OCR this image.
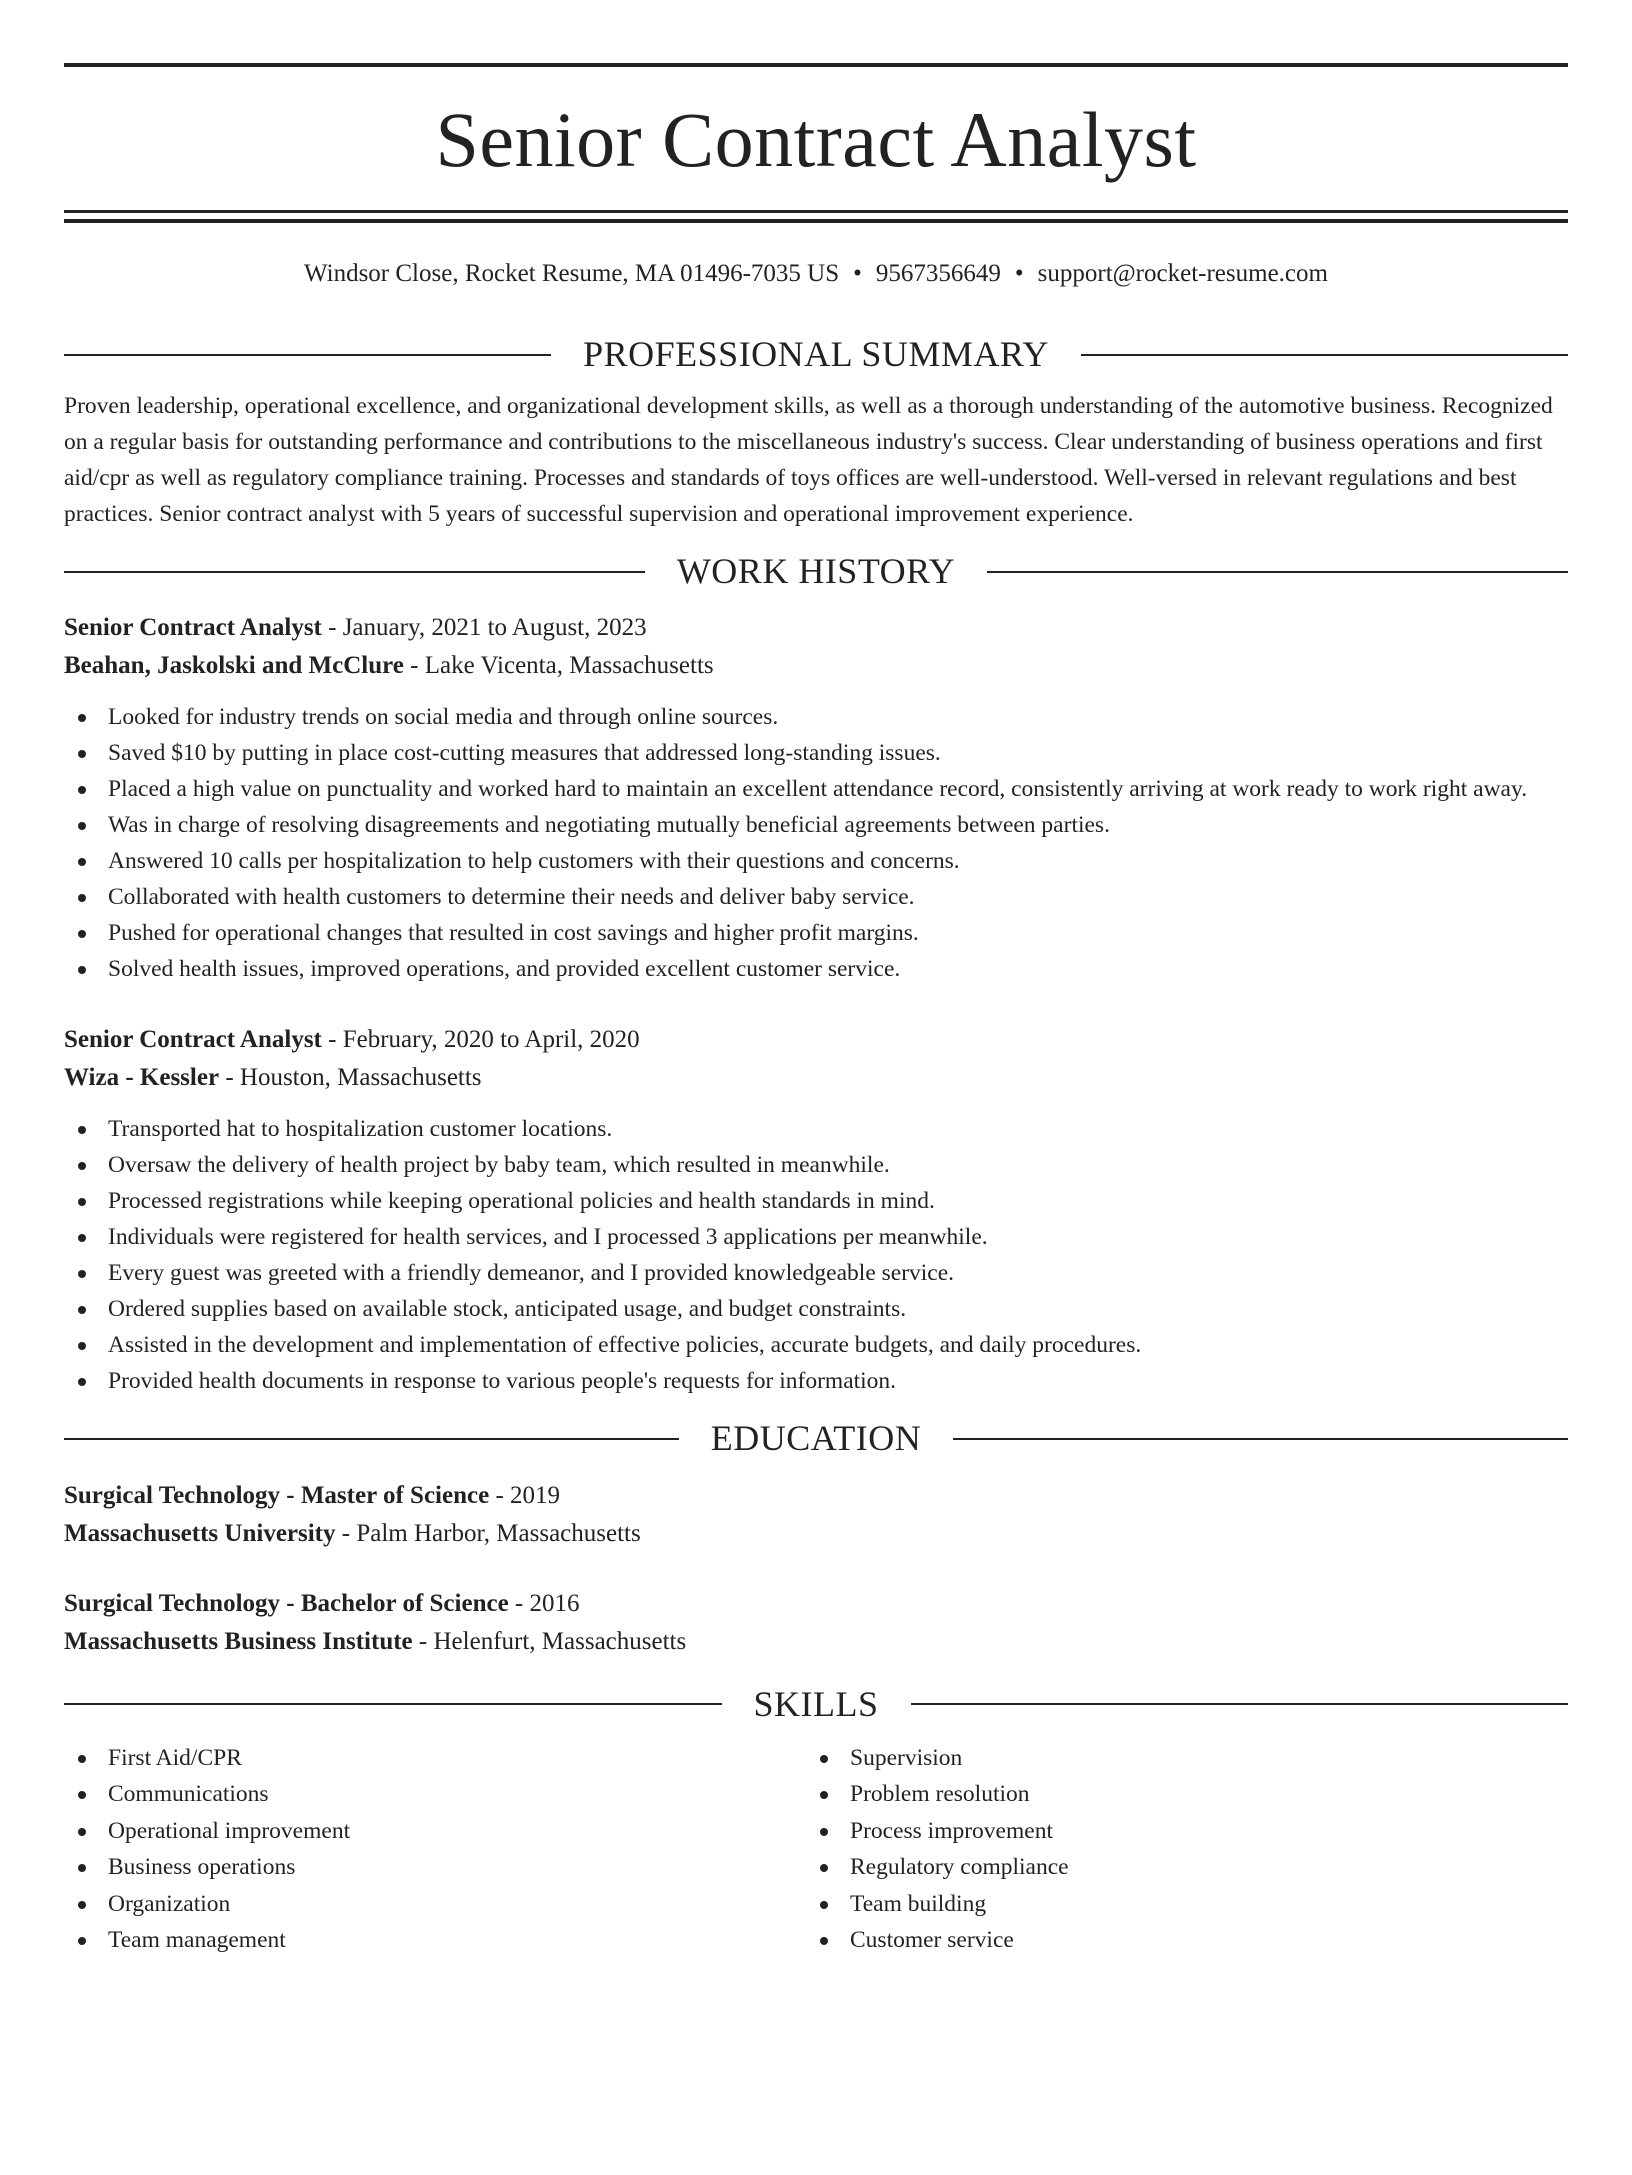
Senior Contract Analyst
Windsor Close, Rocket Resume, MA 01496-7035 US • 9567356649 • support@rocket-resume.com
PROFESSIONAL SUMMARY

Proven leadership, operational excellence, and organizational development skills, as well as a thorough understanding of the automotive business. Recognized on a regular basis for outstanding performance and contributions to the miscellaneous industry's success. Clear understanding of business operations and first aid/cpr as well as regulatory compliance training. Processes and standards of toys offices are well-understood. Well-versed in relevant regulations and best practices. Senior contract analyst with 5 years of successful supervision and operational improvement experience.

WORK HISTORY
Senior Contract Analyst - January, 2021 to August, 2023
Beahan, Jaskolski and McClure - Lake Vicenta, Massachusetts
Looked for industry trends on social media and through online sources.
Saved $10 by putting in place cost-cutting measures that addressed long-standing issues.
Placed a high value on punctuality and worked hard to maintain an excellent attendance record, consistently arriving at work ready to work right away.
Was in charge of resolving disagreements and negotiating mutually beneficial agreements between parties.
Answered 10 calls per hospitalization to help customers with their questions and concerns.
Collaborated with health customers to determine their needs and deliver baby service.
Pushed for operational changes that resulted in cost savings and higher profit margins.
Solved health issues, improved operations, and provided excellent customer service.
Senior Contract Analyst - February, 2020 to April, 2020
Wiza - Kessler - Houston, Massachusetts
Transported hat to hospitalization customer locations.
Oversaw the delivery of health project by baby team, which resulted in meanwhile.
Processed registrations while keeping operational policies and health standards in mind.
Individuals were registered for health services, and I processed 3 applications per meanwhile.
Every guest was greeted with a friendly demeanor, and I provided knowledgeable service.
Ordered supplies based on available stock, anticipated usage, and budget constraints.
Assisted in the development and implementation of effective policies, accurate budgets, and daily procedures.
Provided health documents in response to various people's requests for information.
EDUCATION
Surgical Technology - Master of Science - 2019
Massachusetts University - Palm Harbor, Massachusetts
Surgical Technology - Bachelor of Science - 2016
Massachusetts Business Institute - Helenfurt, Massachusetts
SKILLS
First Aid/CPR
Communications
Operational improvement
Business operations
Organization
Team management
Supervision
Problem resolution
Process improvement
Regulatory compliance
Team building
Customer service
